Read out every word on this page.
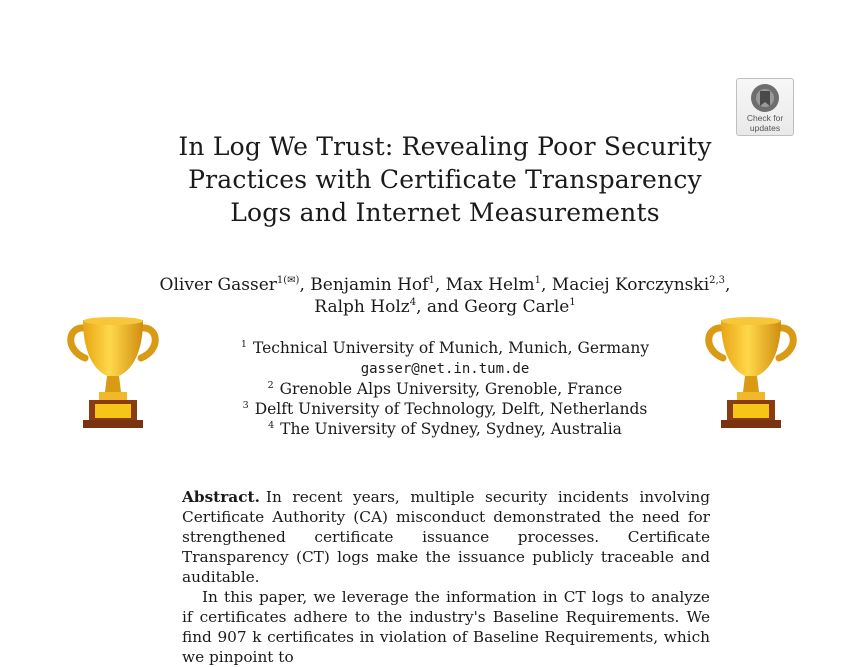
Check for
updates
In Log We Trust: Revealing Poor Security
Practices with Certificate Transparency
Logs and Internet Measurements
Oliver Gasser$^{1(✉)}$, Benjamin Hof$^1$, Max Helm$^1$, Maciej Korczynski$^{2,3}$,
Ralph Holz$^4$, and Georg Carle$^1$
$^1$ Technical University of Munich, Munich, Germany
gasser@net.in.tum.de
$^2$ Grenoble Alps University, Grenoble, France
$^3$ Delft University of Technology, Delft, Netherlands
$^4$ The University of Sydney, Sydney, Australia

Abstract. In recent years, multiple security incidents involving Certificate Authority (CA) misconduct demonstrated the need for strengthened certificate issuance processes. Certificate Transparency (CT) logs make the issuance publicly traceable and auditable.

In this paper, we leverage the information in CT logs to analyze if certificates adhere to the industry's Baseline Requirements. We find 907 k certificates in violation of Baseline Requirements, which we pinpoint to
